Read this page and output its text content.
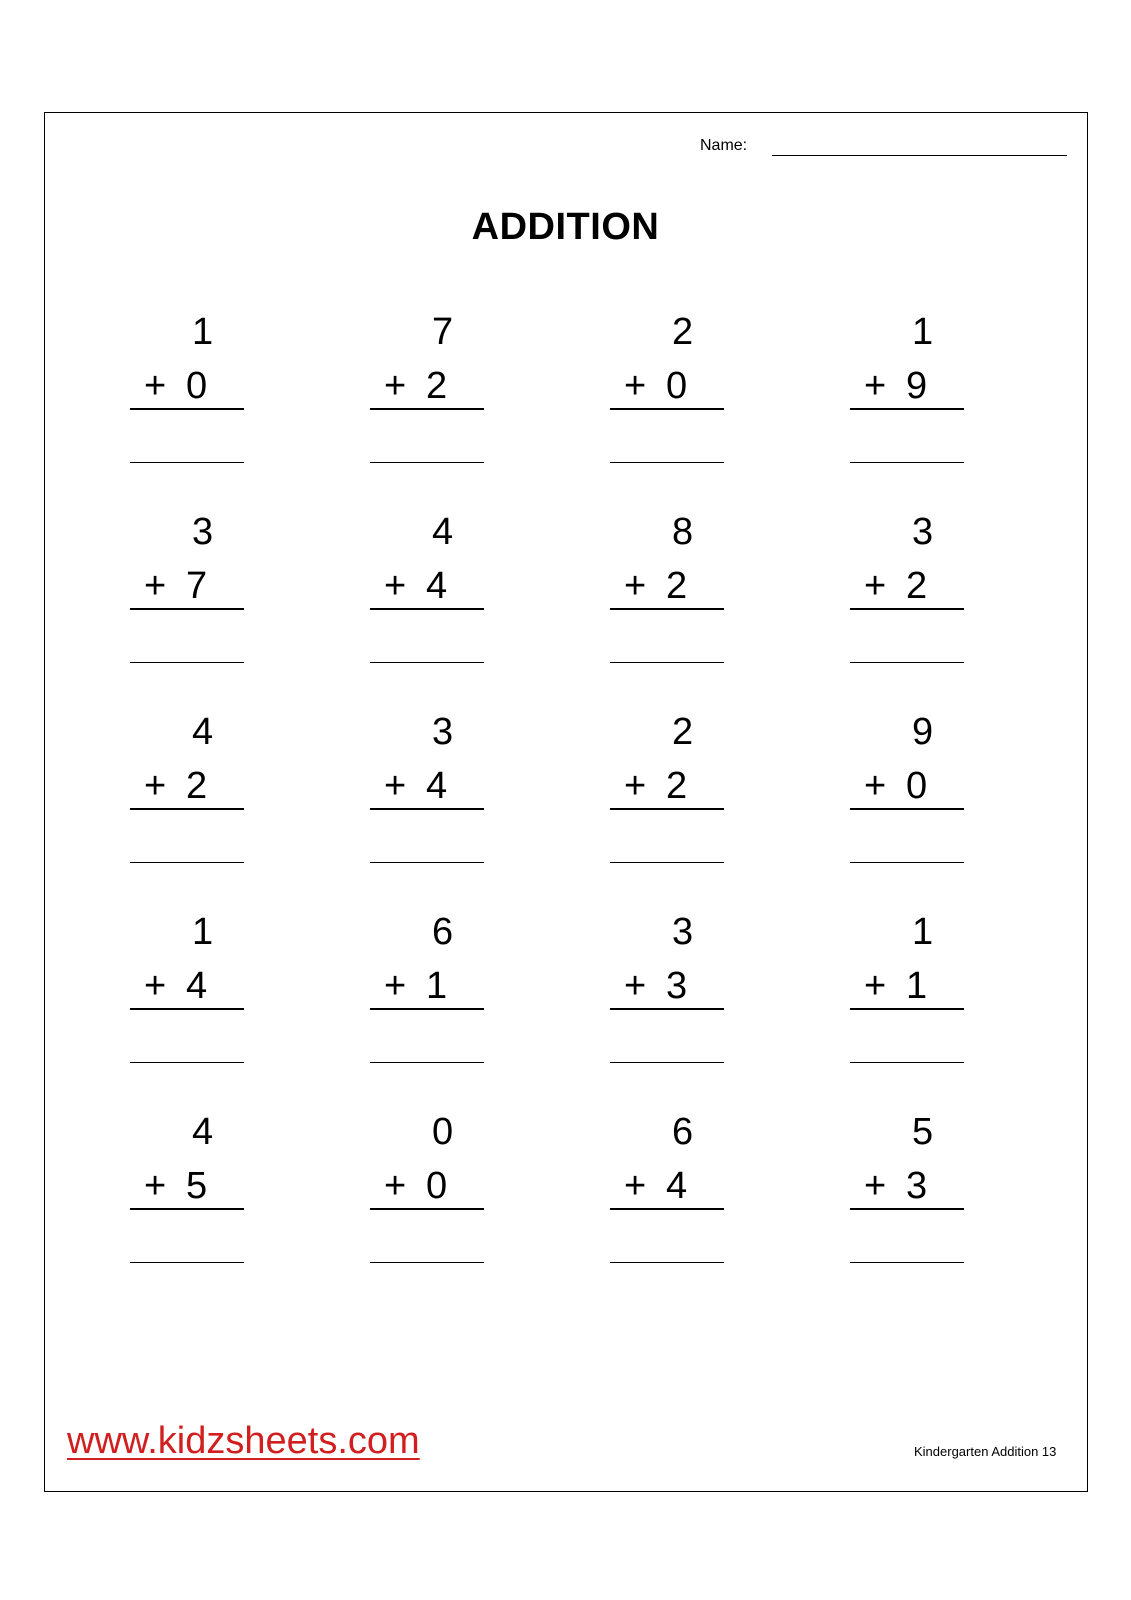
Name:
ADDITION
1
+ 0
7
+ 2
2
+ 0
1
+ 9
3
+ 7
4
+ 4
8
+ 2
3
+ 2
4
+ 2
3
+ 4
2
+ 2
9
+ 0
1
+ 4
6
+ 1
3
+ 3
1
+ 1
4
+ 5
0
+ 0
6
+ 4
5
+ 3
www.kidzsheets.com	Kindergarten Addition 13
